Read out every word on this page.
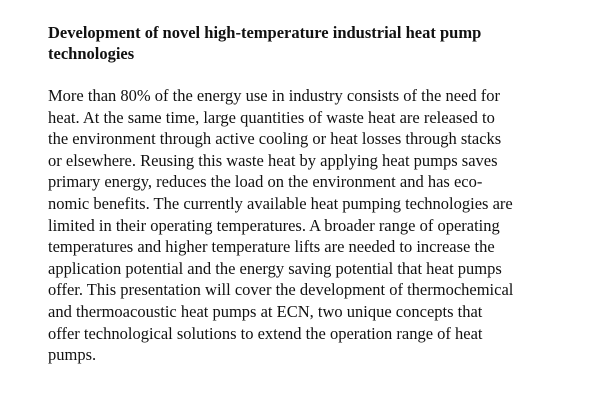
Development of novel high-temperature industrial heat pump
technologies

More than 80% of the energy use in industry consists of the need for
heat. At the same time, large quantities of waste heat are released to
the environment through active cooling or heat losses through stacks
or elsewhere. Reusing this waste heat by applying heat pumps saves
primary energy, reduces the load on the environment and has eco-
nomic benefits. The currently available heat pumping technologies are
limited in their operating temperatures. A broader range of operating
temperatures and higher temperature lifts are needed to increase the
application potential and the energy saving potential that heat pumps
offer. This presentation will cover the development of thermochemical
and thermoacoustic heat pumps at ECN, two unique concepts that
offer technological solutions to extend the operation range of heat
pumps.
